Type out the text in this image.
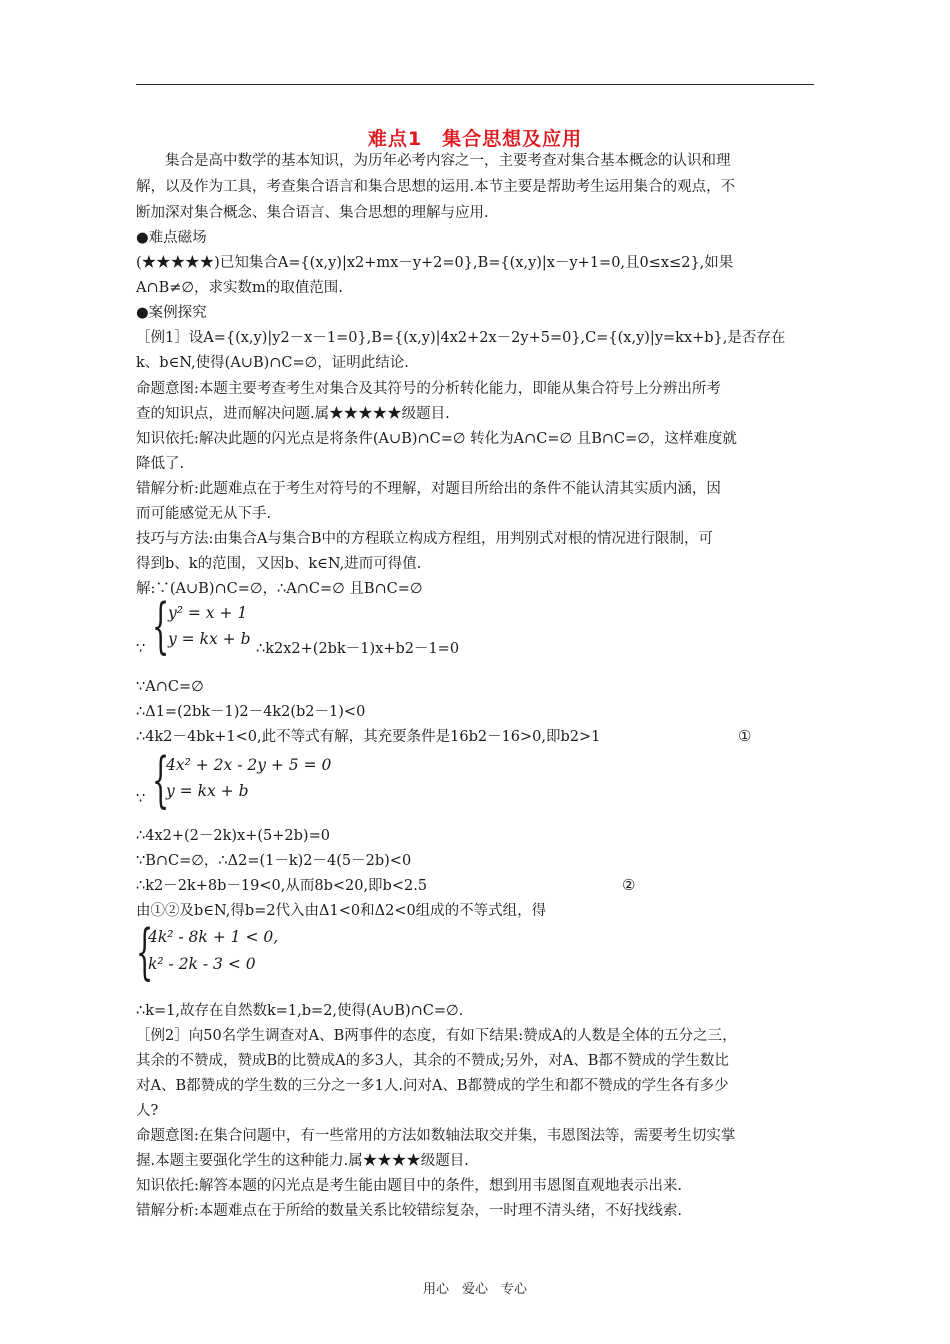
难点1　集合思想及应用
　　集合是高中数学的基本知识，为历年必考内容之一，主要考查对集合基本概念的认识和理
解，以及作为工具，考查集合语言和集合思想的运用.本节主要是帮助考生运用集合的观点，不
断加深对集合概念、集合语言、集合思想的理解与应用.
●难点磁场
(★★★★★)已知集合A={(x,y)|x2+mx－y+2=0},B={(x,y)|x－y+1=0,且0≤x≤2},如果
A∩B≠∅，求实数m的取值范围.
●案例探究
［例1］设A={(x,y)|y2－x－1=0},B={(x,y)|4x2+2x－2y+5=0},C={(x,y)|y=kx+b},是否存在
k、b∈N,使得(A∪B)∩C=∅，证明此结论.
命题意图:本题主要考查考生对集合及其符号的分析转化能力，即能从集合符号上分辨出所考
查的知识点，进而解决问题.属★★★★★级题目.
知识依托:解决此题的闪光点是将条件(A∪B)∩C=∅ 转化为A∩C=∅ 且B∩C=∅，这样难度就
降低了.
错解分析:此题难点在于考生对符号的不理解，对题目所给出的条件不能认清其实质内涵，因
而可能感觉无从下手.
技巧与方法:由集合A与集合B中的方程联立构成方程组，用判别式对根的情况进行限制，可
得到b、k的范围，又因b、k∈N,进而可得值.
解:∵(A∪B)∩C=∅，∴A∩C=∅ 且B∩C=∅
∵ {
y² = x + 1
y = kx + b
∴k2x2+(2bk－1)x+b2－1=0
∵A∩C=∅
∴Δ1=(2bk－1)2－4k2(b2－1)<0
∴4k2－4bk+1<0,此不等式有解，其充要条件是16b2－16>0,即b2>1	①
∵ {
4x² + 2x - 2y + 5 = 0
y = kx + b
∴4x2+(2－2k)x+(5+2b)=0
∵B∩C=∅，∴Δ2=(1－k)2－4(5－2b)<0
∴k2－2k+8b－19<0,从而8b<20,即b<2.5	②
由①②及b∈N,得b=2代入由Δ1<0和Δ2<0组成的不等式组，得
{
4k² - 8k + 1 < 0,
k² - 2k - 3 < 0
∴k=1,故存在自然数k=1,b=2,使得(A∪B)∩C=∅.
［例2］向50名学生调查对A、B两事件的态度，有如下结果:赞成A的人数是全体的五分之三，
其余的不赞成，赞成B的比赞成A的多3人，其余的不赞成;另外，对A、B都不赞成的学生数比
对A、B都赞成的学生数的三分之一多1人.问对A、B都赞成的学生和都不赞成的学生各有多少
人?
命题意图:在集合问题中，有一些常用的方法如数轴法取交并集，韦恩图法等，需要考生切实掌
握.本题主要强化学生的这种能力.属★★★★级题目.
知识依托:解答本题的闪光点是考生能由题目中的条件，想到用韦恩图直观地表示出来.
错解分析:本题难点在于所给的数量关系比较错综复杂，一时理不清头绪，不好找线索.
用心　爱心　专心
